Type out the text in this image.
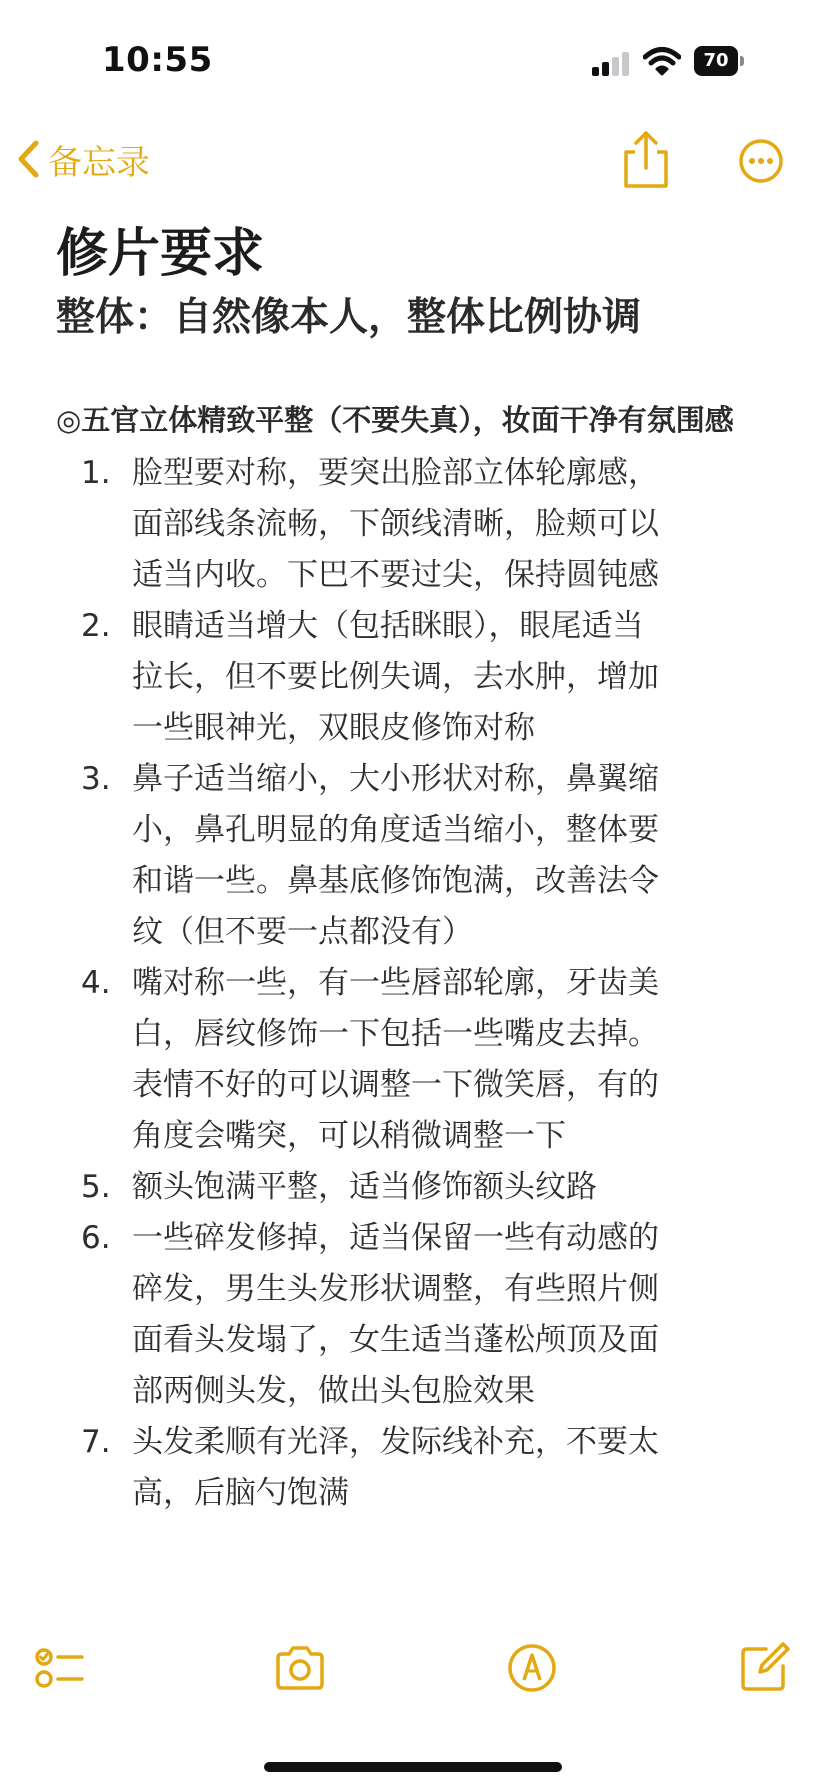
10:55	70
备忘录
修片要求
整体：自然像本人，整体比例协调
◎五官立体精致平整（不要失真），妆面干净有氛围感
1. 脸型要对称，要突出脸部立体轮廓感，
面部线条流畅，下颌线清晰，脸颊可以
适当内收。下巴不要过尖，保持圆钝感
2. 眼睛适当增大（包括眯眼），眼尾适当
拉长，但不要比例失调，去水肿，增加
一些眼神光，双眼皮修饰对称
3. 鼻子适当缩小，大小形状对称，鼻翼缩
小，鼻孔明显的角度适当缩小，整体要
和谐一些。鼻基底修饰饱满，改善法令
纹（但不要一点都没有）
4. 嘴对称一些，有一些唇部轮廓，牙齿美
白，唇纹修饰一下包括一些嘴皮去掉。
表情不好的可以调整一下微笑唇，有的
角度会嘴突，可以稍微调整一下
5. 额头饱满平整，适当修饰额头纹路
6. 一些碎发修掉，适当保留一些有动感的
碎发，男生头发形状调整，有些照片侧
面看头发塌了，女生适当蓬松颅顶及面
部两侧头发，做出头包脸效果
7. 头发柔顺有光泽，发际线补充，不要太
高，后脑勺饱满
